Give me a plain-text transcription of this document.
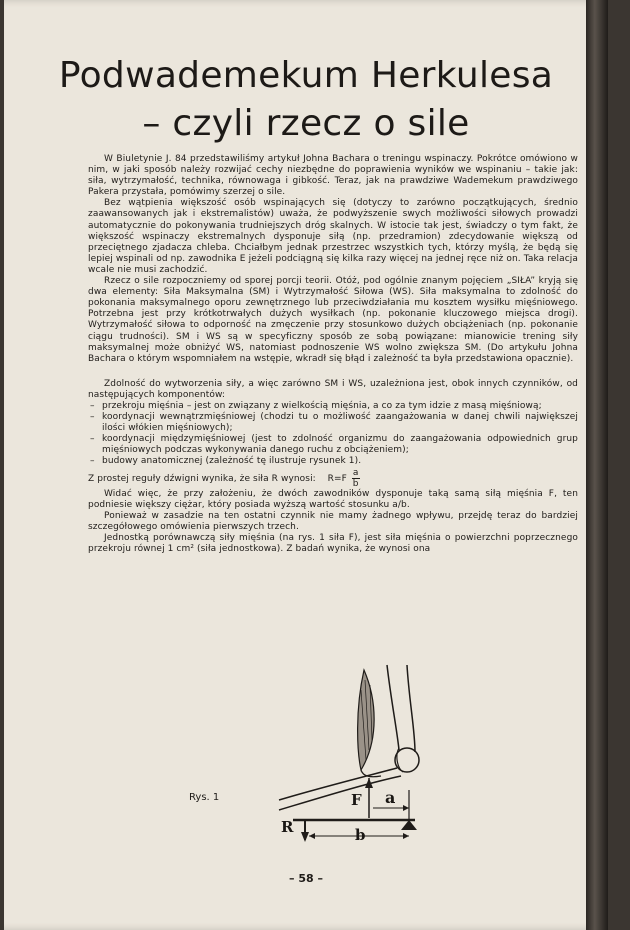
Podwademekum Herkulesa
– czyli rzecz o sile

W Biuletynie J. 84 przedstawiliśmy artykuł Johna Bachara o treningu wspinaczy. Pokrótce omówiono w nim, w jaki sposób należy rozwijać cechy niezbędne do poprawienia wyników we wspinaniu – takie jak: siła, wytrzymałość, technika, równowaga i gibkość. Teraz, jak na prawdziwe Wademekum prawdziwego Pakera przystała, pomówimy szerzej o sile.

Bez wątpienia większość osób wspinających się (dotyczy to zarówno początkujących, średnio zaawansowanych jak i ekstremalistów) uważa, że podwyższenie swych możliwości siłowych prowadzi automatycznie do pokonywania trudniejszych dróg skalnych. W istocie tak jest, świadczy o tym fakt, że większość wspinaczy ekstremalnych dysponuje siłą (np. przedramion) zdecydowanie większą od przeciętnego zjadacza chleba. Chciałbym jednak przestrzec wszystkich tych, którzy myślą, że będą się lepiej wspinali od np. zawodnika E jeżeli podciągną się kilka razy więcej na jednej ręce niż on. Taka relacja wcale nie musi zachodzić.

Rzecz o sile rozpoczniemy od sporej porcji teorii. Otóż, pod ogólnie znanym pojęciem „SIŁA” kryją się dwa elementy: Siła Maksymalna (SM) i Wytrzymałość Siłowa (WS). Siła maksymalna to zdolność do pokonania maksymalnego oporu zewnętrznego lub przeciwdziałania mu kosztem wysiłku mięśniowego. Potrzebna jest przy krótkotrwałych dużych wysiłkach (np. pokonanie kluczowego miejsca drogi). Wytrzymałość siłowa to odporność na zmęczenie przy stosunkowo dużych obciążeniach (np. pokonanie ciągu trudności). SM i WS są w specyficzny sposób ze sobą powiązane: mianowicie trening siły maksymalnej może obniżyć WS, natomiast podnoszenie WS wolno zwiększa SM. (Do artykułu Johna Bachara o którym wspomniałem na wstępie, wkradł się błąd i zależność ta była przedstawiona opacznie).

Zdolność do wytworzenia siły, a więc zarówno SM i WS, uzależniona jest, obok innych czynników, od następujących komponentów:

– przekroju mięśnia – jest on związany z wielkością mięśnia, a co za tym idzie z masą mięśniową;
– koordynacji wewnątrzmięśniowej (chodzi tu o możliwość zaangażowania w danej chwili największej ilości włókien mięśniowych);
– koordynacji międzymięśniowej (jest to zdolność organizmu do zaangażowania odpowiednich grup mięśniowych podczas wykonywania danego ruchu z obciążeniem);
– budowy anatomicznej (zależność tę ilustruje rysunek 1).

Z prostej reguły dźwigni wynika, że siła R wynosi: $R=F \frac{a}{b}$

Widać więc, że przy założeniu, że dwóch zawodników dysponuje taką samą siłą mięśnia F, ten podniesie większy ciężar, który posiada wyższą wartość stosunku a/b.

Ponieważ w zasadzie na ten ostatni czynnik nie mamy żadnego wpływu, przejdę teraz do bardziej szczegółowego omówienia pierwszych trzech.

Jednostką porównawczą siły mięśnia (na rys. 1 siła F), jest siła mięśnia o powierzchni poprzecznego przekroju równej 1 cm² (siła jednostkowa). Z badań wynika, że wynosi ona

Rys. 1	F a
R	b
– 58 –
